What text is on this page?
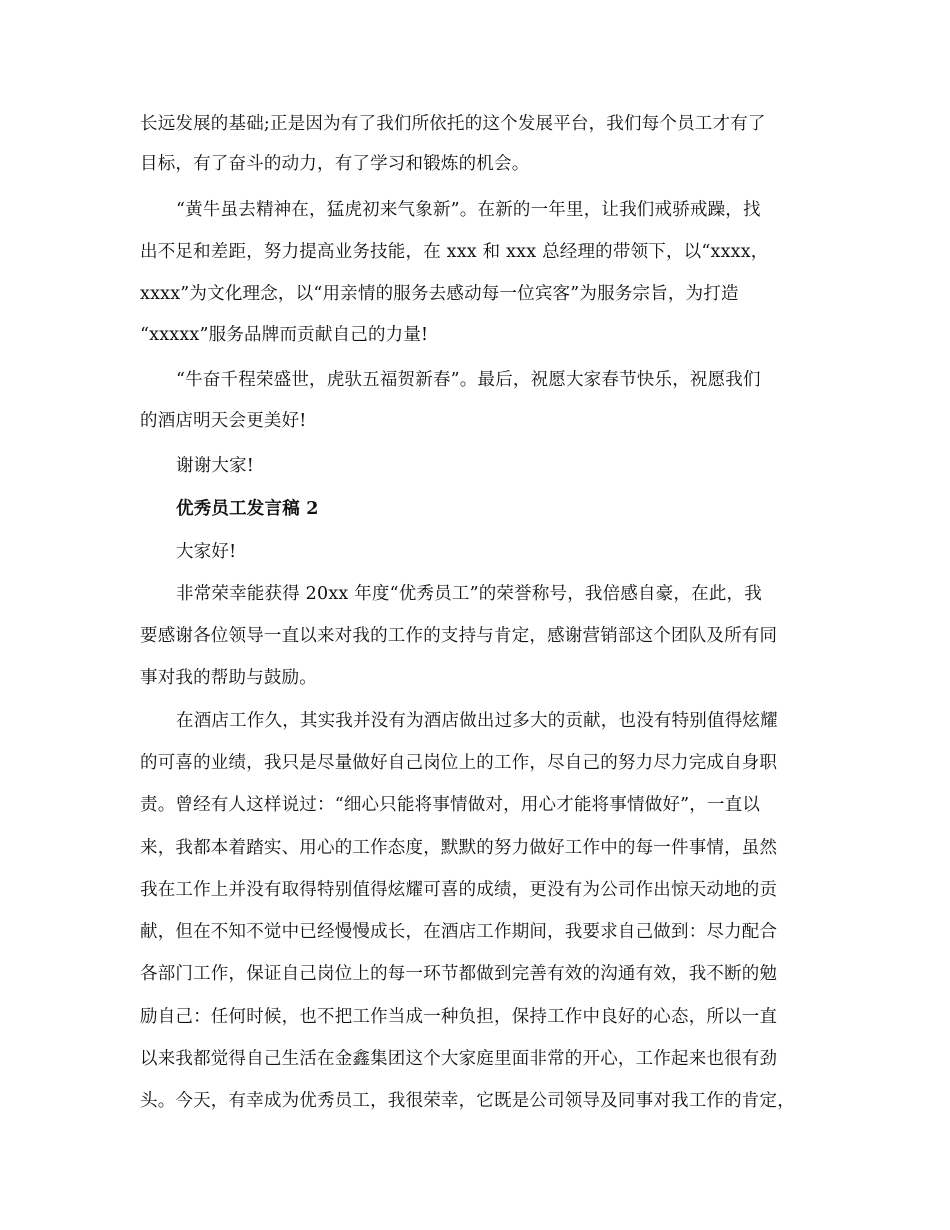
长远发展的基础;正是因为有了我们所依托的这个发展平台，我们每个员工才有了
目标，有了奋斗的动力，有了学习和锻炼的机会。
“黄牛虽去精神在，猛虎初来气象新”。在新的一年里，让我们戒骄戒躁，找
出不足和差距，努力提高业务技能，在 xxx 和 xxx 总经理的带领下，以“xxxx，
xxxx”为文化理念，以“用亲情的服务去感动每一位宾客”为服务宗旨，为打造
“xxxxx”服务品牌而贡献自己的力量!
“牛奋千程荣盛世，虎驮五福贺新春”。最后，祝愿大家春节快乐，祝愿我们
的酒店明天会更美好!
谢谢大家!
优秀员工发言稿 2
大家好!
非常荣幸能获得 20xx 年度“优秀员工”的荣誉称号，我倍感自豪，在此，我
要感谢各位领导一直以来对我的工作的支持与肯定，感谢营销部这个团队及所有同
事对我的帮助与鼓励。
在酒店工作久，其实我并没有为酒店做出过多大的贡献，也没有特别值得炫耀
的可喜的业绩，我只是尽量做好自己岗位上的工作，尽自己的努力尽力完成自身职
责。曾经有人这样说过：“细心只能将事情做对，用心才能将事情做好”，一直以
来，我都本着踏实、用心的工作态度，默默的努力做好工作中的每一件事情，虽然
我在工作上并没有取得特别值得炫耀可喜的成绩，更没有为公司作出惊天动地的贡
献，但在不知不觉中已经慢慢成长，在酒店工作期间，我要求自己做到：尽力配合
各部门工作，保证自己岗位上的每一环节都做到完善有效的沟通有效，我不断的勉
励自己：任何时候，也不把工作当成一种负担，保持工作中良好的心态，所以一直
以来我都觉得自己生活在金鑫集团这个大家庭里面非常的开心，工作起来也很有劲
头。今天，有幸成为优秀员工，我很荣幸，它既是公司领导及同事对我工作的肯定，
